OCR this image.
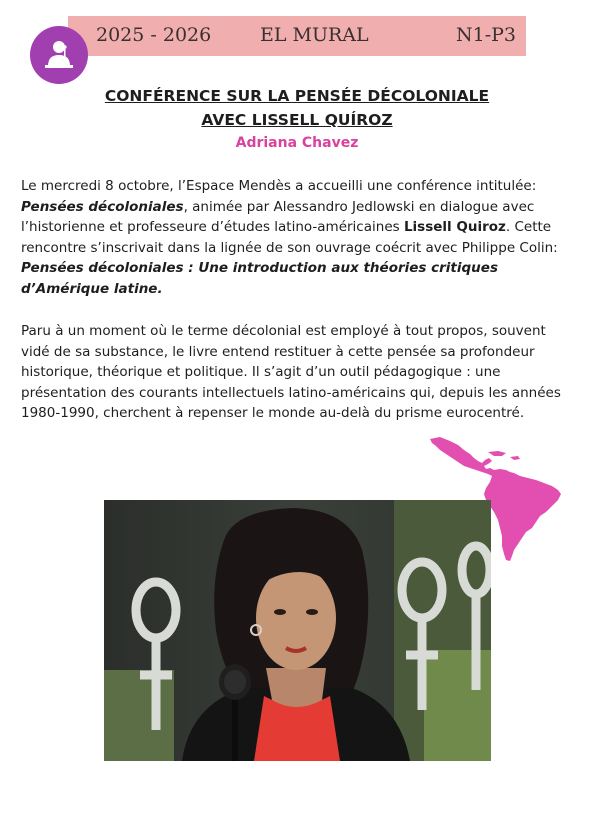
2025 - 2026	EL MURAL	N1-P3
CONFÉRENCE SUR LA PENSÉE DÉCOLONIALE
AVEC LISSELL QUÍROZ
Adriana Chavez

Le mercredi 8 octobre, l’Espace Mendès a accueilli une conférence intitulée: Pensées décoloniales, animée par Alessandro Jedlowski en dialogue avec l’historienne et professeure d’études latino-américaines Lissell Quiroz. Cette rencontre s’inscrivait dans la lignée de son ouvrage coécrit avec Philippe Colin: Pensées décoloniales : Une introduction aux théories critiques d’Amérique latine.

Paru à un moment où le terme décolonial est employé à tout propos, souvent vidé de sa substance, le livre entend restituer à cette pensée sa profondeur historique, théorique et politique. Il s’agit d’un outil pédagogique : une présentation des courants intellectuels latino-américains qui, depuis les années 1980-1990, cherchent à repenser le monde au-delà du prisme eurocentré.
